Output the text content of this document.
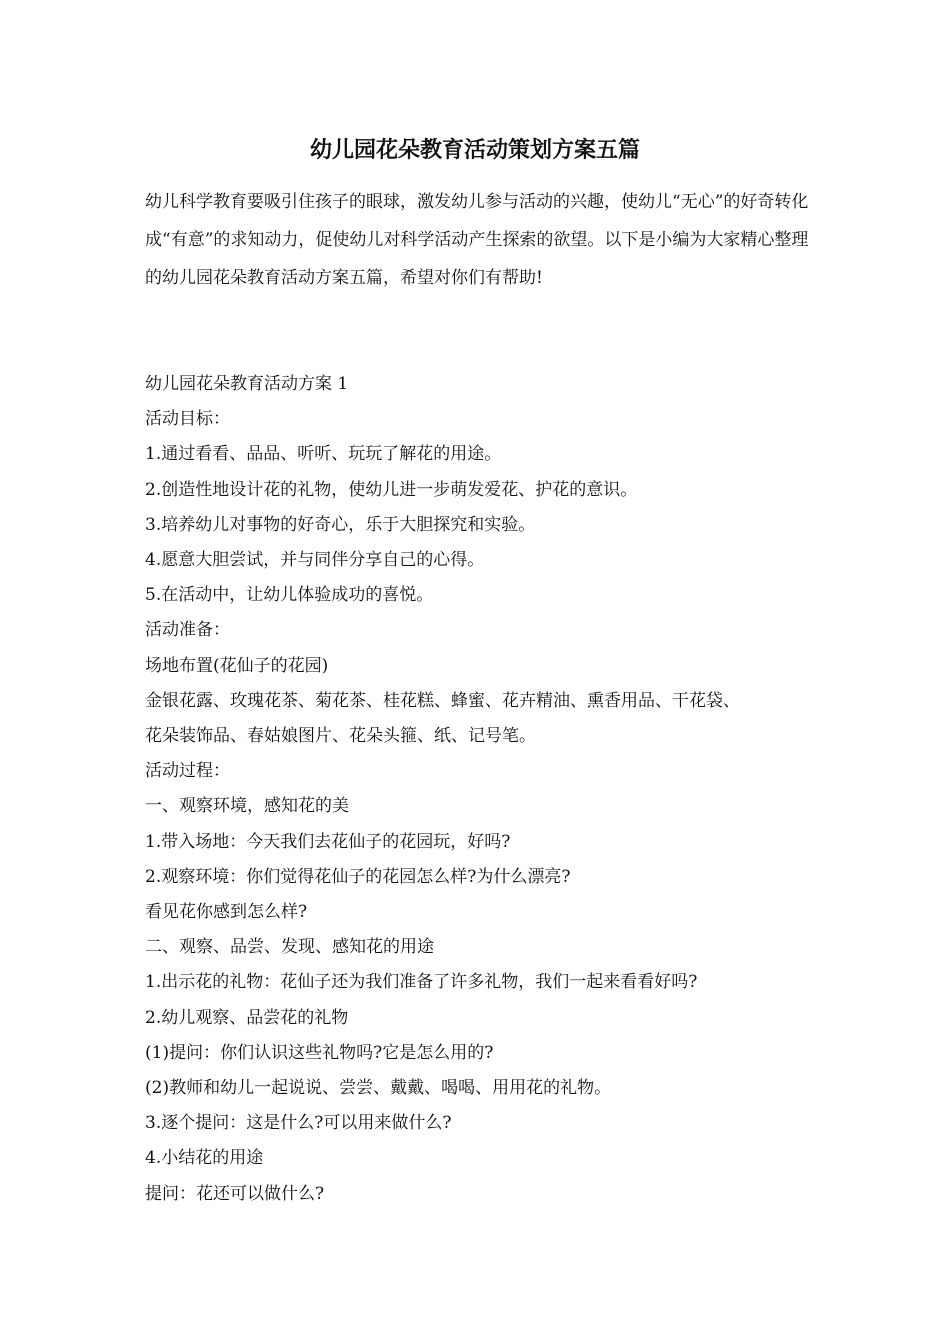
幼儿园花朵教育活动策划方案五篇

幼儿科学教育要吸引住孩子的眼球，激发幼儿参与活动的兴趣，使幼儿“无心”的好奇转化成“有意”的求知动力，促使幼儿对科学活动产生探索的欲望。以下是小编为大家精心整理的幼儿园花朵教育活动方案五篇，希望对你们有帮助!

幼儿园花朵教育活动方案 1
活动目标：
1.通过看看、品品、听听、玩玩了解花的用途。
2.创造性地设计花的礼物，使幼儿进一步萌发爱花、护花的意识。
3.培养幼儿对事物的好奇心，乐于大胆探究和实验。
4.愿意大胆尝试，并与同伴分享自己的心得。
5.在活动中，让幼儿体验成功的喜悦。
活动准备：
场地布置(花仙子的花园)
金银花露、玫瑰花茶、菊花茶、桂花糕、蜂蜜、花卉精油、熏香用品、干花袋、
花朵装饰品、春姑娘图片、花朵头箍、纸、记号笔。
活动过程：
一、观察环境，感知花的美
1.带入场地：今天我们去花仙子的花园玩，好吗?
2.观察环境：你们觉得花仙子的花园怎么样?为什么漂亮?
看见花你感到怎么样?
二、观察、品尝、发现、感知花的用途
1.出示花的礼物：花仙子还为我们准备了许多礼物，我们一起来看看好吗?
2.幼儿观察、品尝花的礼物
(1)提问：你们认识这些礼物吗?它是怎么用的?
(2)教师和幼儿一起说说、尝尝、戴戴、喝喝、用用花的礼物。
3.逐个提问：这是什么?可以用来做什么?
4.小结花的用途
提问：花还可以做什么?
